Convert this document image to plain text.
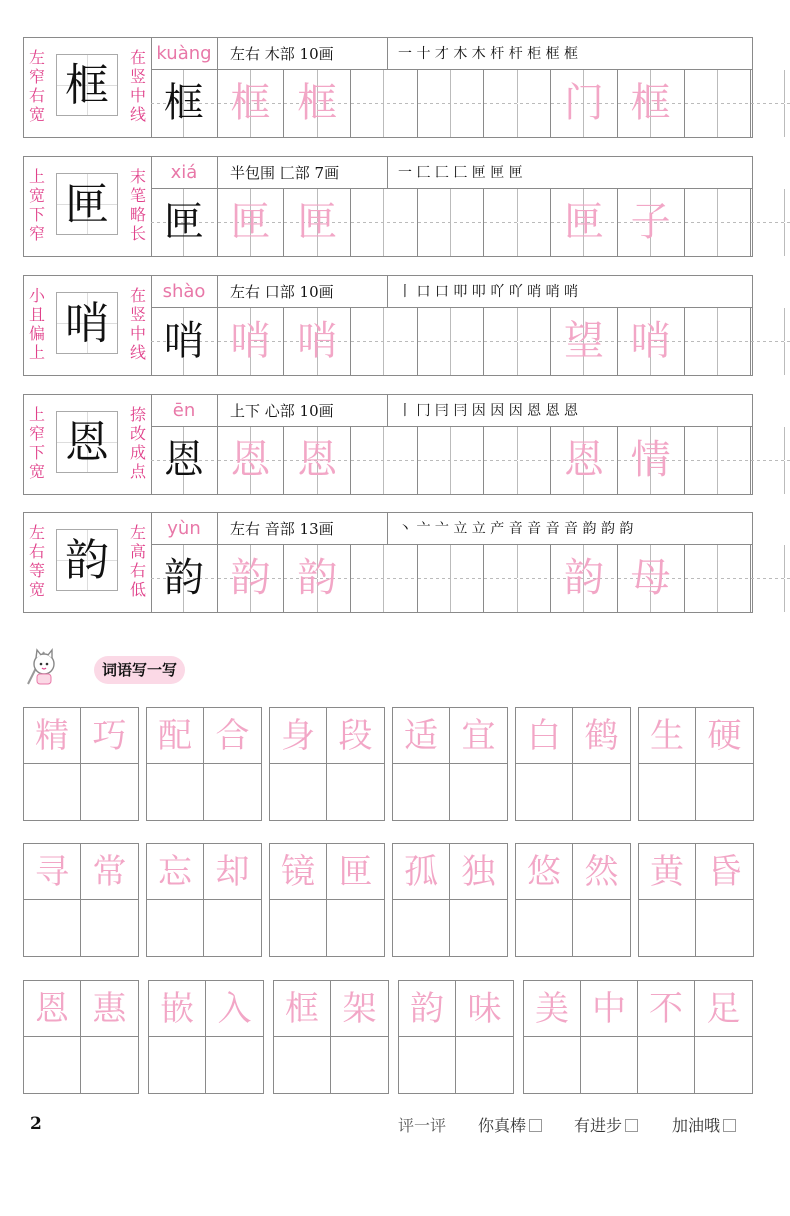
左窄右宽
框
在竖中线
kuàng	左右 木部 10画	一 十 才 木 木 杆 杆 柜 框 框
框 框 框	门 框
上宽下窄
匣
末笔略长
xiá	半包围 匚部 7画	一 匚 匚 匚 匣 匣 匣
匣 匣 匣	匣 子
小且偏上
哨
在竖中线
shào	左右 口部 10画	丨 口 口 叩 叩 吖 吖 哨 哨 哨
哨 哨 哨	望 哨
上窄下宽
恩
捺改成点
ēn	上下 心部 10画	丨 冂 冃 冃 因 因 因 恩 恩 恩
恩 恩 恩	恩 情
左右等宽
韵
左高右低
yùn	左右 音部 13画	丶 亠 亠 立 立 产 音 音 音 音 韵 韵 韵
韵 韵 韵	韵 母
词语写一写
精 巧 配 合 身 段 适 宜 白 鹤 生 硬
寻 常 忘 却 镜 匣 孤 独 悠 然 黄 昏
恩 惠 嵌 入 框 架 韵 味 美 中 不 足
2	评一评 你真棒	有进步	加油哦
